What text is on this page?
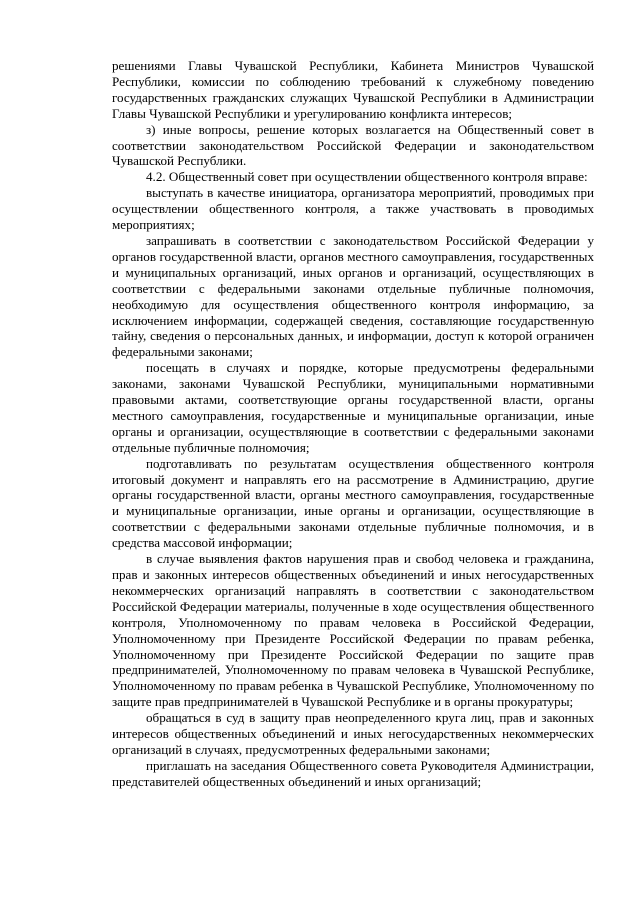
решениями Главы Чувашской Республики, Кабинета Министров Чувашской Республики, комиссии по соблюдению требований к служебному поведению государственных гражданских служащих Чувашской Республики в Администрации Главы Чувашской Республики и урегулированию конфликта интересов;

з) иные вопросы, решение которых возлагается на Общественный совет в соответствии законодательством Российской Федерации и законодательством Чувашской Республики.

4.2. Общественный совет при осуществлении общественного контроля вправе:

выступать в качестве инициатора, организатора мероприятий, проводимых при осуществлении общественного контроля, а также участвовать в проводимых мероприятиях;

запрашивать в соответствии с законодательством Российской Федерации у органов государственной власти, органов местного самоуправления, государственных и муниципальных организаций, иных органов и организаций, осуществляющих в соответствии с федеральными законами отдельные публичные полномочия, необходимую для осуществления общественного контроля информацию, за исключением информации, содержащей сведения, составляющие государственную тайну, сведения о персональных данных, и информации, доступ к которой ограничен федеральными законами;

посещать в случаях и порядке, которые предусмотрены федеральными законами, законами Чувашской Республики, муниципальными нормативными правовыми актами, соответствующие органы государственной власти, органы местного самоуправления, государственные и муниципальные организации, иные органы и организации, осуществляющие в соответствии с федеральными законами отдельные публичные полномочия;

подготавливать по результатам осуществления общественного контроля итоговый документ и направлять его на рассмотрение в Администрацию, другие органы государственной власти, органы местного самоуправления, государственные и муниципальные организации, иные органы и организации, осуществляющие в соответствии с федеральными законами отдельные публичные полномочия, и в средства массовой информации;

в случае выявления фактов нарушения прав и свобод человека и гражданина, прав и законных интересов общественных объединений и иных негосударственных некоммерческих организаций направлять в соответствии с законодательством Российской Федерации материалы, полученные в ходе осуществления общественного контроля, Уполномоченному по правам человека в Российской Федерации, Уполномоченному при Президенте Российской Федерации по правам ребенка, Уполномоченному при Президенте Российской Федерации по защите прав предпринимателей, Уполномоченному по правам человека в Чувашской Республике, Уполномоченному по правам ребенка в Чувашской Республике, Уполномоченному по защите прав предпринимателей в Чувашской Республике и в органы прокуратуры;

обращаться в суд в защиту прав неопределенного круга лиц, прав и законных интересов общественных объединений и иных негосударственных некоммерческих организаций в случаях, предусмотренных федеральными законами;

приглашать на заседания Общественного совета Руководителя Администрации, представителей общественных объединений и иных организаций;
